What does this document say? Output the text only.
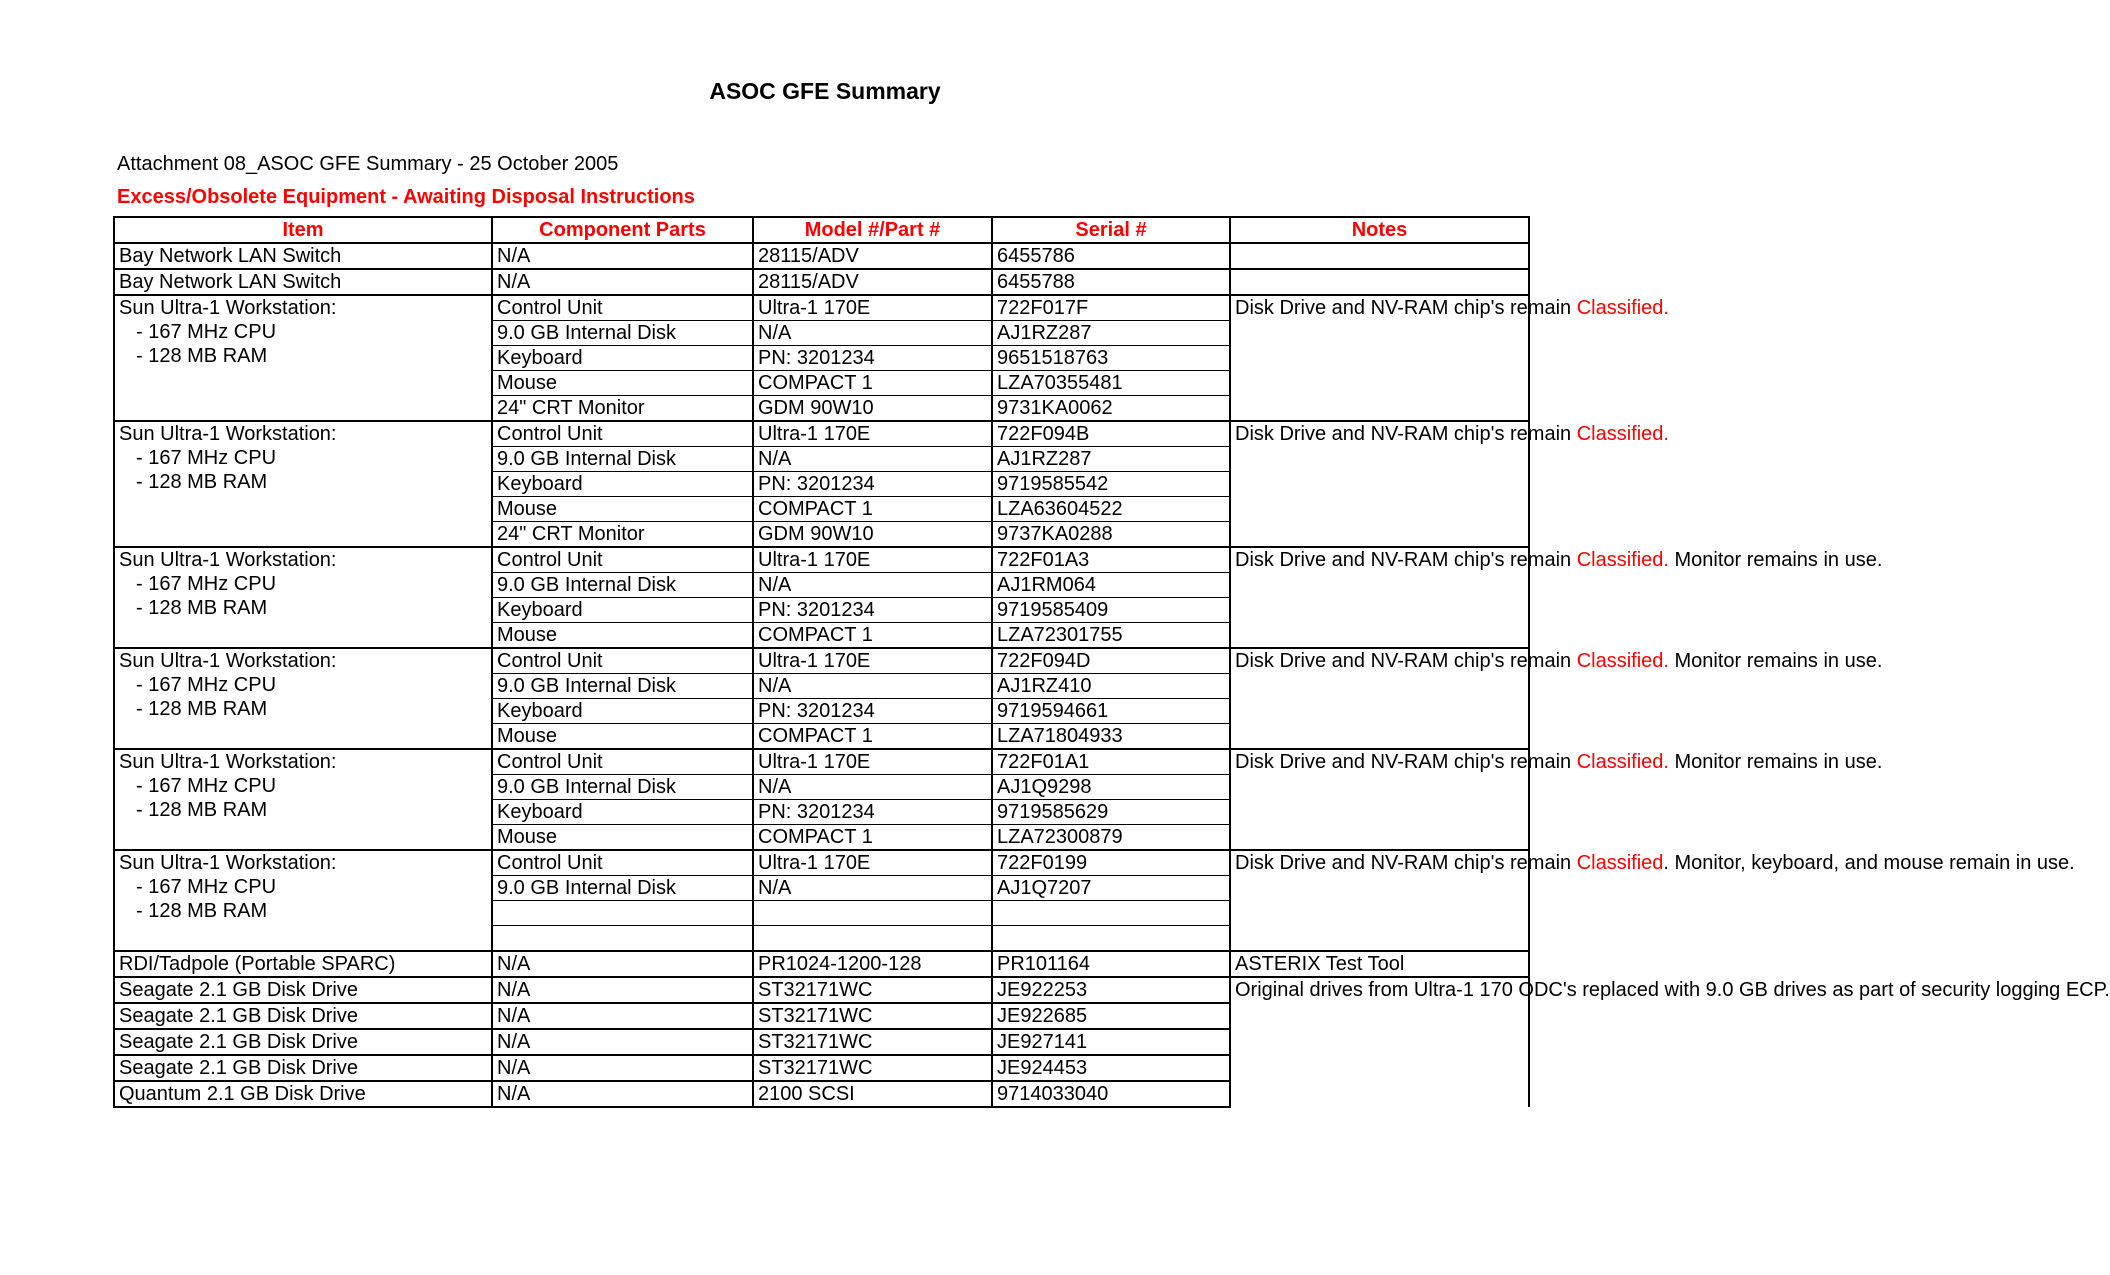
ASOC GFE Summary
Attachment 08_ASOC GFE Summary - 25 October 2005
Excess/Obsolete Equipment - Awaiting Disposal Instructions
Item	Component Parts	Model #/Part #	Serial #	Notes

Bay Network LAN Switch	N/A	28115/ADV	6455786	

Bay Network LAN Switch	N/A	28115/ADV	6455788	

Sun Ultra-1 Workstation:
- 167 MHz CPU
- 128 MB RAM	Control Unit	Ultra-1 170E	722F017F	Disk Drive and NV-RAM chip's remain Classified.
	9.0 GB Internal Disk	N/A	AJ1RZ287	
	Keyboard	PN: 3201234	9651518763	
	Mouse	COMPACT 1	LZA70355481	
	24" CRT Monitor	GDM 90W10	9731KA0062	

Sun Ultra-1 Workstation:
- 167 MHz CPU
- 128 MB RAM	Control Unit	Ultra-1 170E	722F094B	Disk Drive and NV-RAM chip's remain Classified.
	9.0 GB Internal Disk	N/A	AJ1RZ287	
	Keyboard	PN: 3201234	9719585542	
	Mouse	COMPACT 1	LZA63604522	
	24" CRT Monitor	GDM 90W10	9737KA0288	

Sun Ultra-1 Workstation:
- 167 MHz CPU
- 128 MB RAM	Control Unit	Ultra-1 170E	722F01A3	Disk Drive and NV-RAM chip's remain Classified. Monitor remains in use.
	9.0 GB Internal Disk	N/A	AJ1RM064	
	Keyboard	PN: 3201234	9719585409	
	Mouse	COMPACT 1	LZA72301755	

Sun Ultra-1 Workstation:
- 167 MHz CPU
- 128 MB RAM	Control Unit	Ultra-1 170E	722F094D	Disk Drive and NV-RAM chip's remain Classified. Monitor remains in use.
	9.0 GB Internal Disk	N/A	AJ1RZ410	
	Keyboard	PN: 3201234	9719594661	
	Mouse	COMPACT 1	LZA71804933	

Sun Ultra-1 Workstation:
- 167 MHz CPU
- 128 MB RAM	Control Unit	Ultra-1 170E	722F01A1	Disk Drive and NV-RAM chip's remain Classified. Monitor remains in use.
	9.0 GB Internal Disk	N/A	AJ1Q9298	
	Keyboard	PN: 3201234	9719585629	
	Mouse	COMPACT 1	LZA72300879	

Sun Ultra-1 Workstation:
- 167 MHz CPU
- 128 MB RAM	Control Unit	Ultra-1 170E	722F0199	Disk Drive and NV-RAM chip's remain Classified. Monitor, keyboard, and mouse remain in use.
	9.0 GB Internal Disk	N/A	AJ1Q7207	

RDI/Tadpole (Portable SPARC)	N/A	PR1024-1200-128	PR101164	ASTERIX Test Tool
Seagate 2.1 GB Disk Drive	N/A	ST32171WC	JE922253	Original drives from Ultra-1 170 ODC's replaced with 9.0 GB drives as part of security logging ECP.
Seagate 2.1 GB Disk Drive	N/A	ST32171WC	JE922685	
Seagate 2.1 GB Disk Drive	N/A	ST32171WC	JE927141	
Seagate 2.1 GB Disk Drive	N/A	ST32171WC	JE924453	
Quantum 2.1 GB Disk Drive	N/A	2100 SCSI	9714033040	
